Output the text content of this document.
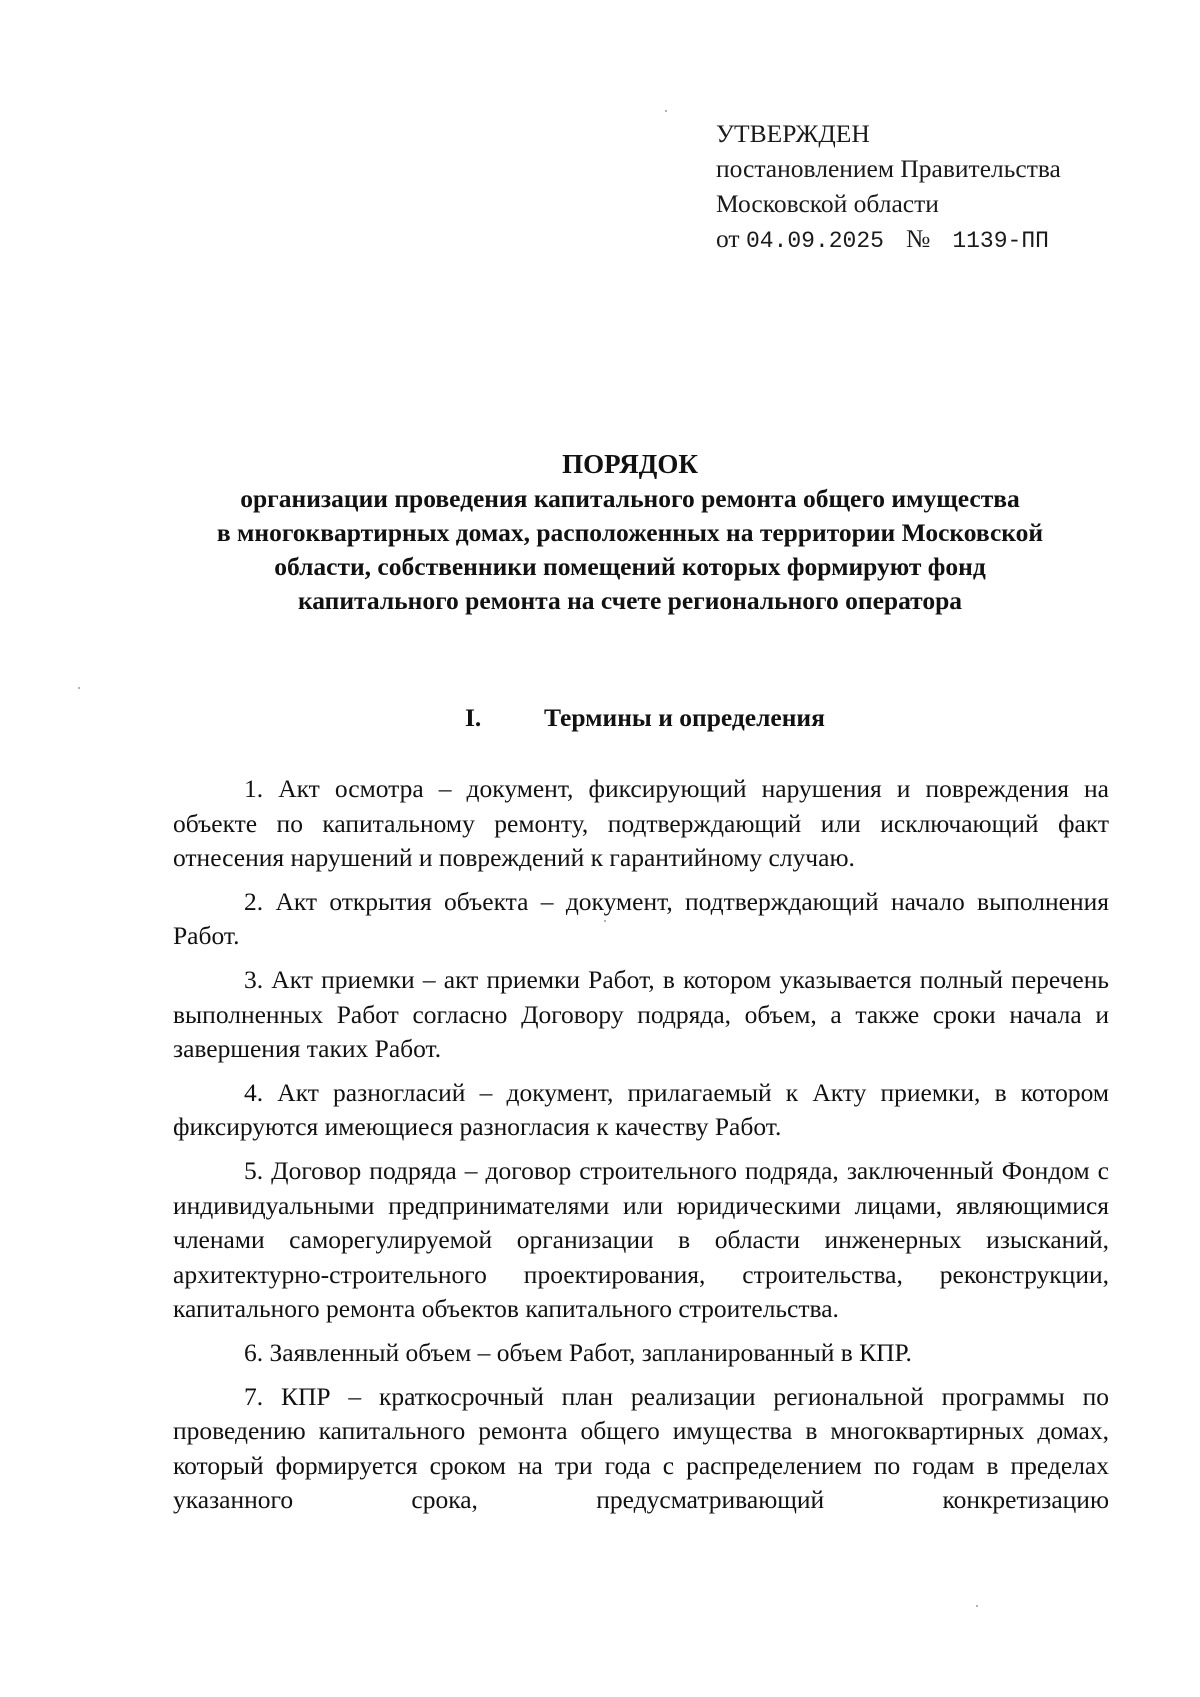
УТВЕРЖДЕН
постановлением Правительства
Московской области
от 04.09.2025 № 1139-ПП
ПОРЯДОК
организации проведения капитального ремонта общего имущества
в многоквартирных домах, расположенных на территории Московской
области, собственники помещений которых формируют фонд
капитального ремонта на счете регионального оператора
I. Термины и определения

1. Акт осмотра – документ, фиксирующий нарушения и повреждения на объекте по капитальному ремонту, подтверждающий или исключающий факт отнесения нарушений и повреждений к гарантийному случаю.

2. Акт открытия объекта – документ, подтверждающий начало выполнения Работ.

3. Акт приемки – акт приемки Работ, в котором указывается полный перечень выполненных Работ согласно Договору подряда, объем, а также сроки начала и завершения таких Работ.

4. Акт разногласий – документ, прилагаемый к Акту приемки, в котором фиксируются имеющиеся разногласия к качеству Работ.

5. Договор подряда – договор строительного подряда, заключенный Фондом с индивидуальными предпринимателями или юридическими лицами, являющимися членами саморегулируемой организации в области инженерных изысканий, архитектурно-строительного проектирования, строительства, реконструкции, капитального ремонта объектов капитального строительства.

6. Заявленный объем – объем Работ, запланированный в КПР.

7. КПР – краткосрочный план реализации региональной программы по проведению капитального ремонта общего имущества в многоквартирных домах, который формируется сроком на три года с распределением по годам в пределах указанного срока, предусматривающий конкретизацию
